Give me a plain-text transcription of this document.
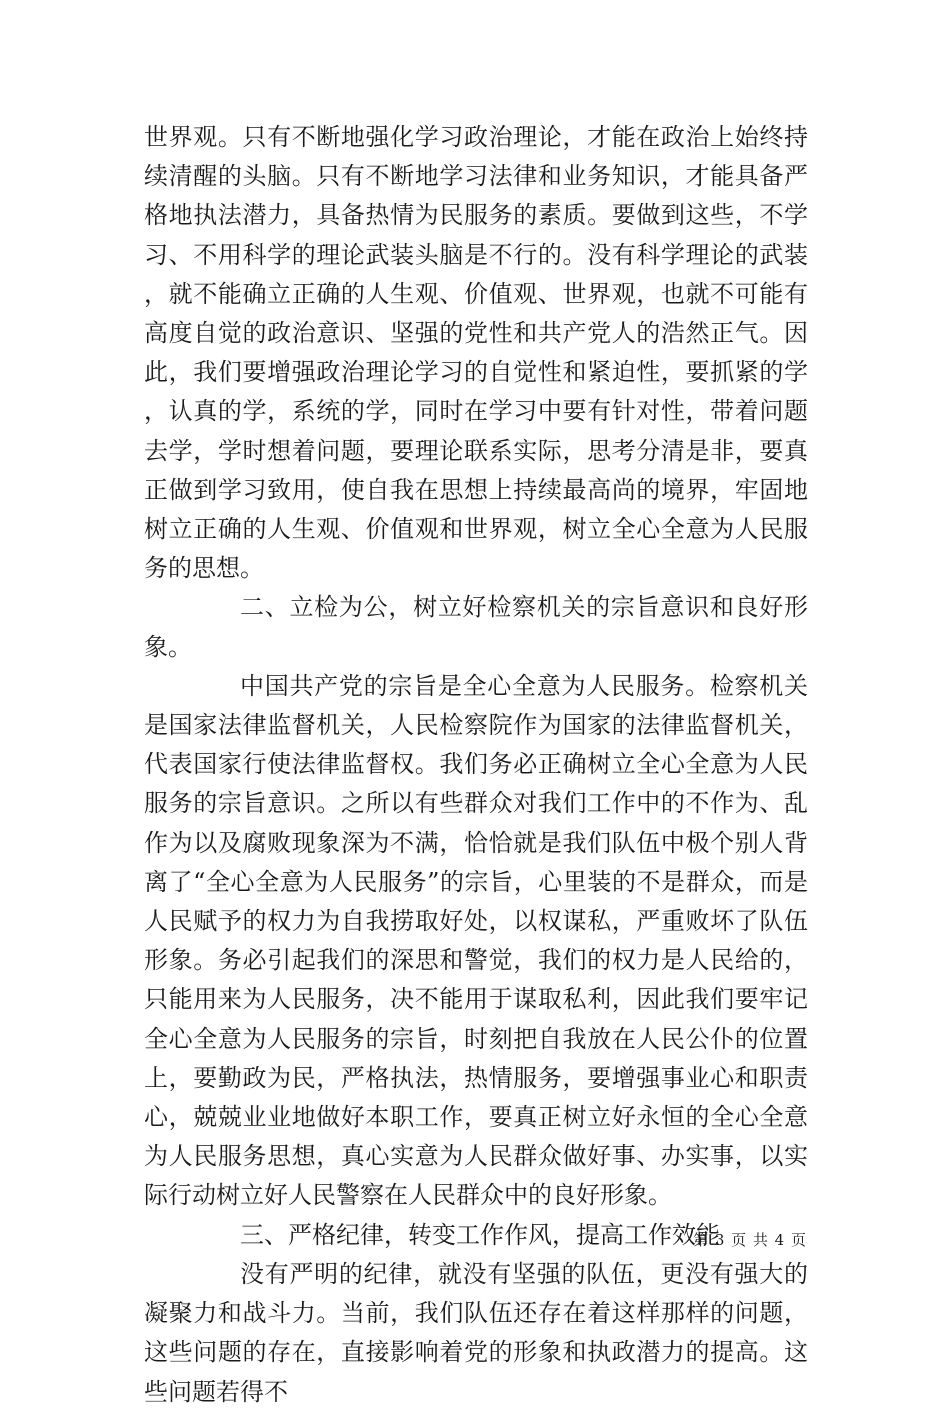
世界观。只有不断地强化学习政治理论，才能在政治上始终持续清醒的头脑。只有不断地学习法律和业务知识，才能具备严格地执法潜力，具备热情为民服务的素质。要做到这些，不学习、不用科学的理论武装头脑是不行的。没有科学理论的武装，就不能确立正确的人生观、价值观、世界观，也就不可能有高度自觉的政治意识、坚强的党性和共产党人的浩然正气。因此，我们要增强政治理论学习的自觉性和紧迫性，要抓紧的学，认真的学，系统的学，同时在学习中要有针对性，带着问题去学，学时想着问题，要理论联系实际，思考分清是非，要真正做到学习致用，使自我在思想上持续最高尚的境界，牢固地树立正确的人生观、价值观和世界观，树立全心全意为人民服务的思想。

二、立检为公，树立好检察机关的宗旨意识和良好形象。

中国共产党的宗旨是全心全意为人民服务。检察机关是国家法律监督机关，人民检察院作为国家的法律监督机关，代表国家行使法律监督权。我们务必正确树立全心全意为人民服务的宗旨意识。之所以有些群众对我们工作中的不作为、乱作为以及腐败现象深为不满，恰恰就是我们队伍中极个别人背离了“全心全意为人民服务”的宗旨，心里装的不是群众，而是人民赋予的权力为自我捞取好处，以权谋私，严重败坏了队伍形象。务必引起我们的深思和警觉，我们的权力是人民给的，只能用来为人民服务，决不能用于谋取私利，因此我们要牢记全心全意为人民服务的宗旨，时刻把自我放在人民公仆的位置上，要勤政为民，严格执法，热情服务，要增强事业心和职责心，兢兢业业地做好本职工作，要真正树立好永恒的全心全意为人民服务思想，真心实意为人民群众做好事、办实事，以实际行动树立好人民警察在人民群众中的良好形象。

三、严格纪律，转变工作作风，提高工作效能

没有严明的纪律，就没有坚强的队伍，更没有强大的凝聚力和战斗力。当前，我们队伍还存在着这样那样的问题，这些问题的存在，直接影响着党的形象和执政潜力的提高。这些问题若得不

第 3 页 共 4 页
